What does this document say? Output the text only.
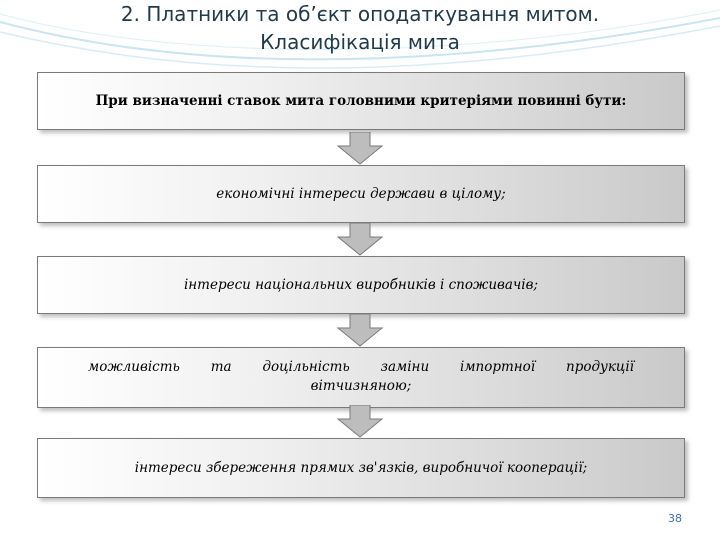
2. Платники та об’єкт оподаткування митом.
Класифікація мита
При визначенні ставок мита головними критеріями повинні бути:
економічні інтереси держави в цілому;
інтереси національних виробників і споживачів;
можливість та доцільність заміни імпортної продукції
вітчизняною;
інтереси збереження прямих зв'язків, виробничої кооперації;
38
